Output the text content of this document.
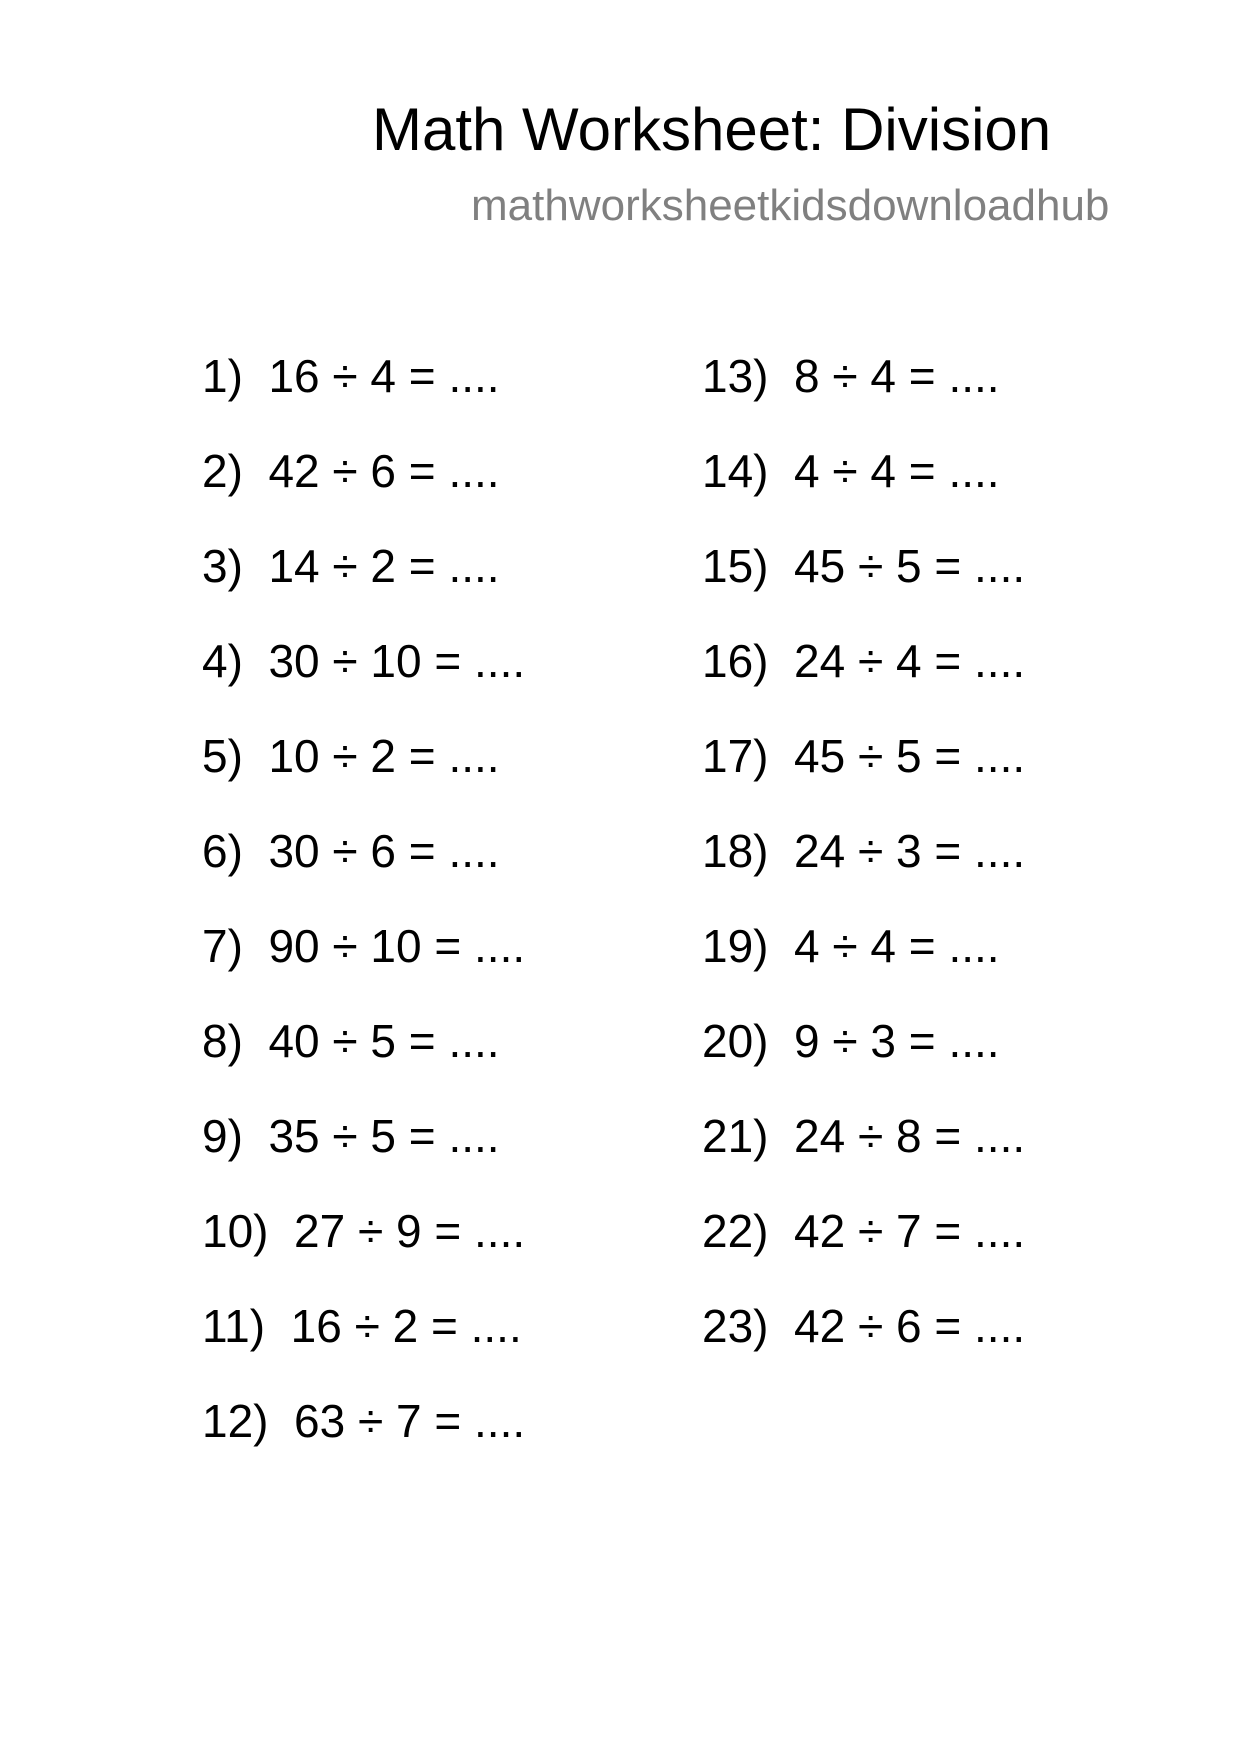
Math Worksheet: Division
mathworksheetkidsdownloadhub
1)  16 ÷ 4 = ....
2)  42 ÷ 6 = ....
3)  14 ÷ 2 = ....
4)  30 ÷ 10 = ....
5)  10 ÷ 2 = ....
6)  30 ÷ 6 = ....
7)  90 ÷ 10 = ....
8)  40 ÷ 5 = ....
9)  35 ÷ 5 = ....
10)  27 ÷ 9 = ....
11)  16 ÷ 2 = ....
12)  63 ÷ 7 = ....
13)  8 ÷ 4 = ....
14)  4 ÷ 4 = ....
15)  45 ÷ 5 = ....
16)  24 ÷ 4 = ....
17)  45 ÷ 5 = ....
18)  24 ÷ 3 = ....
19)  4 ÷ 4 = ....
20)  9 ÷ 3 = ....
21)  24 ÷ 8 = ....
22)  42 ÷ 7 = ....
23)  42 ÷ 6 = ....
